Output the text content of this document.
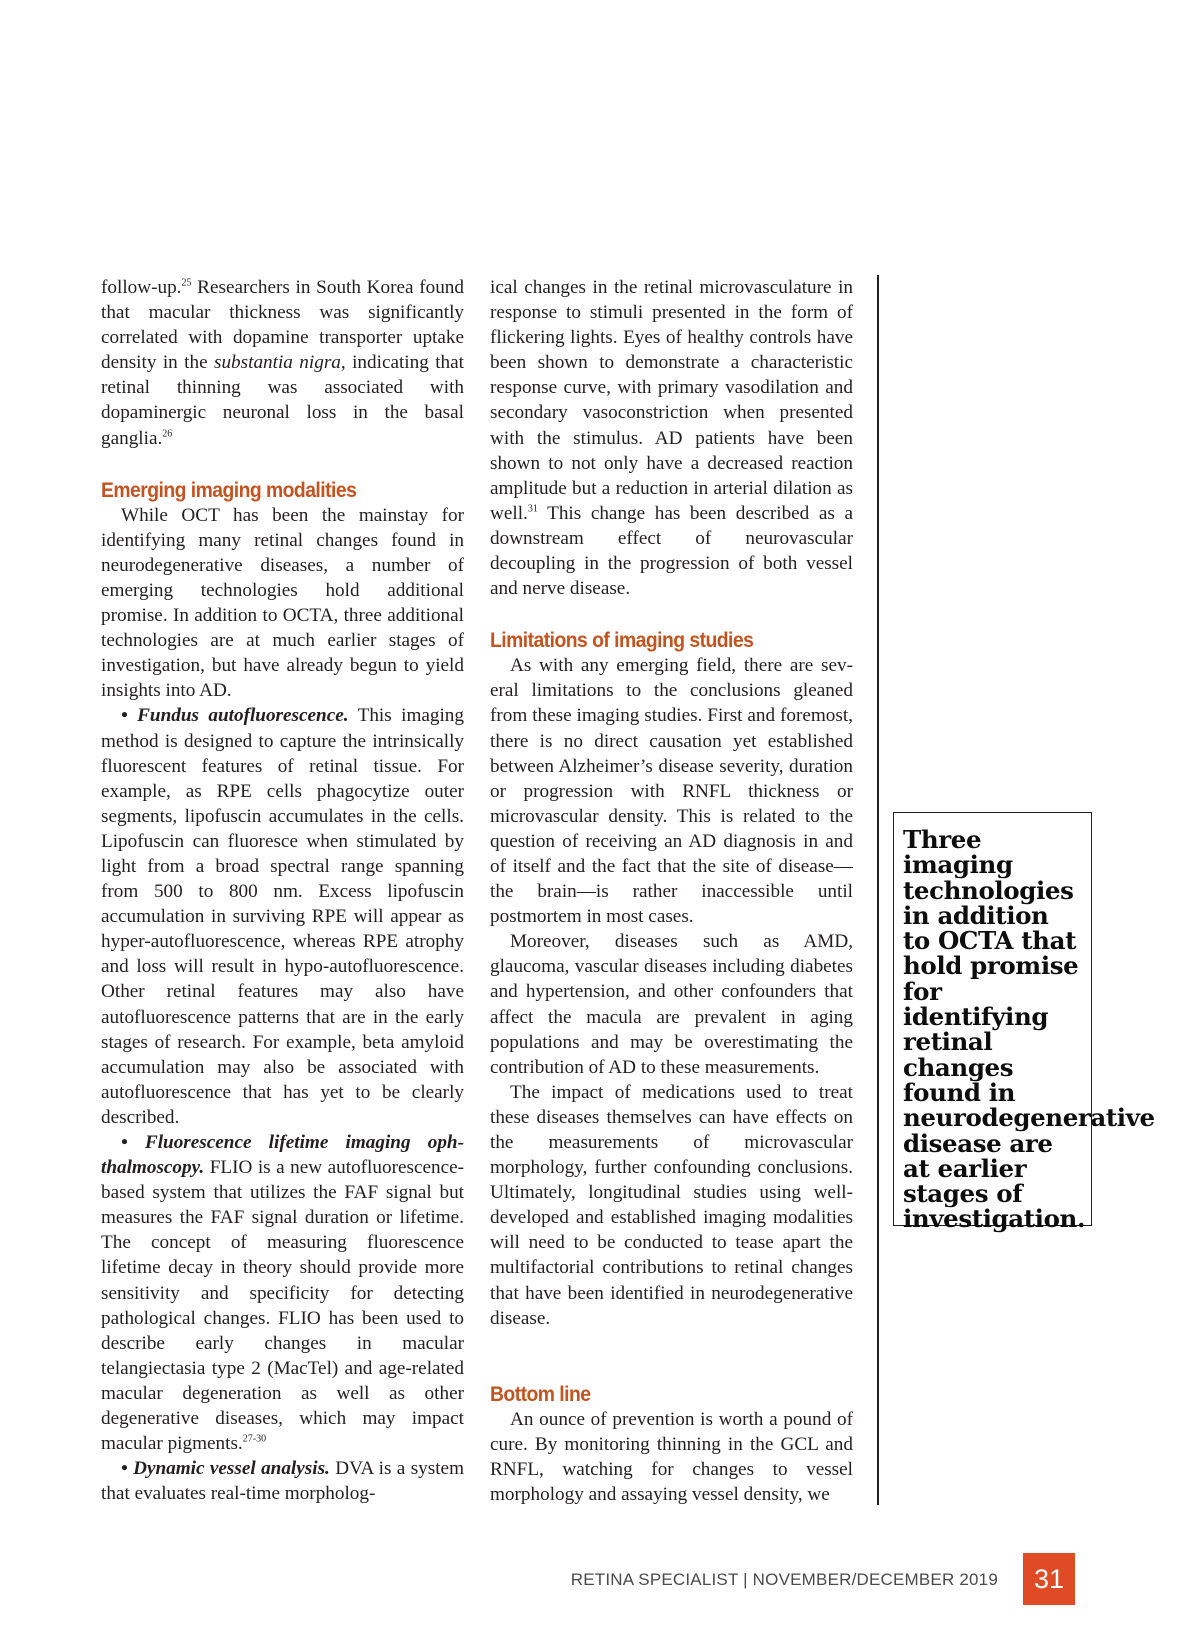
follow-up.$^{25}$ Researchers in South Korea found that macular thickness was significantly correlated with dopamine transporter uptake density in the substantia nigra, indicating that retinal thinning was associated with dopaminergic neuronal loss in the basal ganglia.$^{26}$

Emerging imaging modalities

While OCT has been the mainstay for identifying many retinal changes found in neurodegenerative diseases, a number of emerging technologies hold additional promise. In addition to OCTA, three additional technologies are at much earlier stages of investigation, but have already begun to yield insights into AD.

• Fundus autofluorescence. This imaging method is designed to capture the intrinsically fluorescent features of retinal tissue. For example, as RPE cells phagocytize outer segments, lipofuscin accumulates in the cells. Lipofuscin can fluoresce when stimulated by light from a broad spectral range spanning from 500 to 800 nm. Excess lipofuscin accumulation in surviving RPE will appear as hyper-autofluorescence, whereas RPE atrophy and loss will result in hypo-autofluorescence. Other retinal features may also have autofluorescence patterns that are in the early stages of research. For example, beta amyloid accumulation may also be associated with autofluorescence that has yet to be clearly described.

• Fluorescence lifetime imaging ophthalmoscopy. FLIO is a new autofluorescence-based system that utilizes the FAF signal but measures the FAF signal duration or lifetime. The concept of measuring fluorescence lifetime decay in theory should provide more sensitivity and specificity for detecting pathological changes. FLIO has been used to describe early changes in macular telangiectasia type 2 (MacTel) and age-related macular degeneration as well as other degenerative diseases, which may impact macular pigments.$^{27-30}$

• Dynamic vessel analysis. DVA is a system that evaluates real-time morpholog-

ical changes in the retinal microvasculature in response to stimuli presented in the form of flickering lights. Eyes of healthy controls have been shown to demonstrate a characteristic response curve, with primary vasodilation and secondary vasoconstriction when presented with the stimulus. AD patients have been shown to not only have a decreased reaction amplitude but a reduction in arterial dilation as well.$^{31}$ This change has been described as a downstream effect of neurovascular decoupling in the progression of both vessel and nerve disease.

Limitations of imaging studies

As with any emerging field, there are several limitations to the conclusions gleaned from these imaging studies. First and foremost, there is no direct causation yet established between Alzheimer’s disease severity, duration or progression with RNFL thickness or microvascular density. This is related to the question of receiving an AD diagnosis in and of itself and the fact that the site of disease—the brain—is rather inaccessible until postmortem in most cases.

Moreover, diseases such as AMD, glaucoma, vascular diseases including diabetes and hypertension, and other confounders that affect the macula are prevalent in aging populations and may be overestimating the contribution of AD to these measurements.

The impact of medications used to treat these diseases themselves can have effects on the measurements of microvascular morphology, further confounding conclusions. Ultimately, longitudinal studies using well-developed and established imaging modalities will need to be conducted to tease apart the multifactorial contributions to retinal changes that have been identified in neurodegenerative disease.

Bottom line

An ounce of prevention is worth a pound of cure. By monitoring thinning in the GCL and RNFL, watching for changes to vessel morphology and assaying vessel density, we

Three imaging technologies in addition to OCTA that hold promise for identifying retinal changes found in neurodegenerative disease are at earlier stages of investigation.

RETINA SPECIALIST | NOVEMBER/DECEMBER 2019	31
